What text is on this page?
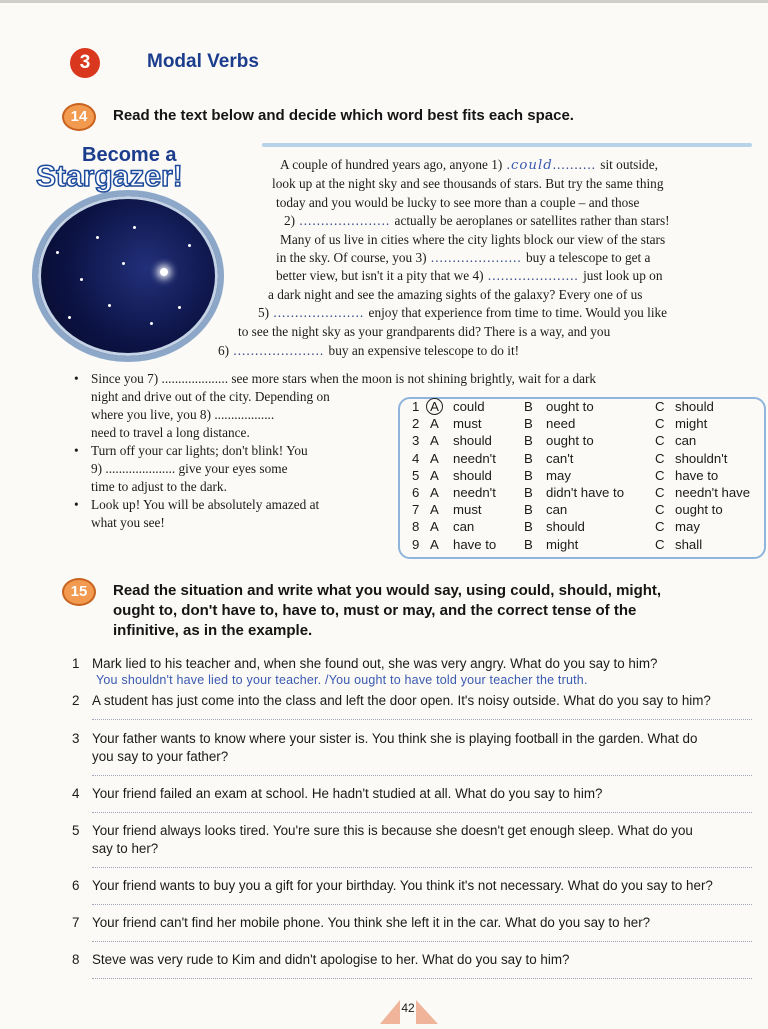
3	Modal Verbs
14	Read the text below and decide which word best fits each space.
Become a
Stargazer!	A couple of hundred years ago, anyone 1) .could.......... sit outside,
look up at the night sky and see thousands of stars. But try the same thing
today and you would be lucky to see more than a couple – and those
2) ..................... actually be aeroplanes or satellites rather than stars!
Many of us live in cities where the city lights block our view of the stars
in the sky. Of course, you 3) ..................... buy a telescope to get a
better view, but isn't it a pity that we 4) ..................... just look up on
a dark night and see the amazing sights of the galaxy? Every one of us
5) ..................... enjoy that experience from time to time. Would you like
to see the night sky as your grandparents did? There is a way, and you
6) ..................... buy an expensive telescope to do it!
• Since you 7) .................... see more stars when the moon is not shining brightly, wait for a dark
night and drive out of the city. Depending on
where you live, you 8) ..................
need to travel a long distance.
• Turn off your car lights; don't blink! You
9) ..................... give your eyes some
time to adjust to the dark.
• Look up! You will be absolutely amazed at
what you see!
1 A	could	B ought to	C should
2 A must	B need	C might
3 A should B ought to	C can
4 A needn't B can't	C shouldn't
5 A should B may	C have to
6 A needn't B didn't have to C needn't have
7 A must	B can	C ought to
8 A can	B should	C may
9 A have to B might	C shall
15	Read the situation and write what you would say, using could, should, might,
ought to, don't have to, have to, must or may, and the correct tense of the
infinitive, as in the example.
1 Mark lied to his teacher and, when she found out, she was very angry. What do you say to him?
You shouldn't have lied to your teacher. /You ought to have told your teacher the truth.
2 A student has just come into the class and left the door open. It's noisy outside. What do you say to him?
3 Your father wants to know where your sister is. You think she is playing football in the garden. What do
you say to your father?
4 Your friend failed an exam at school. He hadn't studied at all. What do you say to him?
5 Your friend always looks tired. You're sure this is because she doesn't get enough sleep. What do you
say to her?
6 Your friend wants to buy you a gift for your birthday. You think it's not necessary. What do you say to her?
7 Your friend can't find her mobile phone. You think she left it in the car. What do you say to her?
8 Steve was very rude to Kim and didn't apologise to her. What do you say to him?
42
